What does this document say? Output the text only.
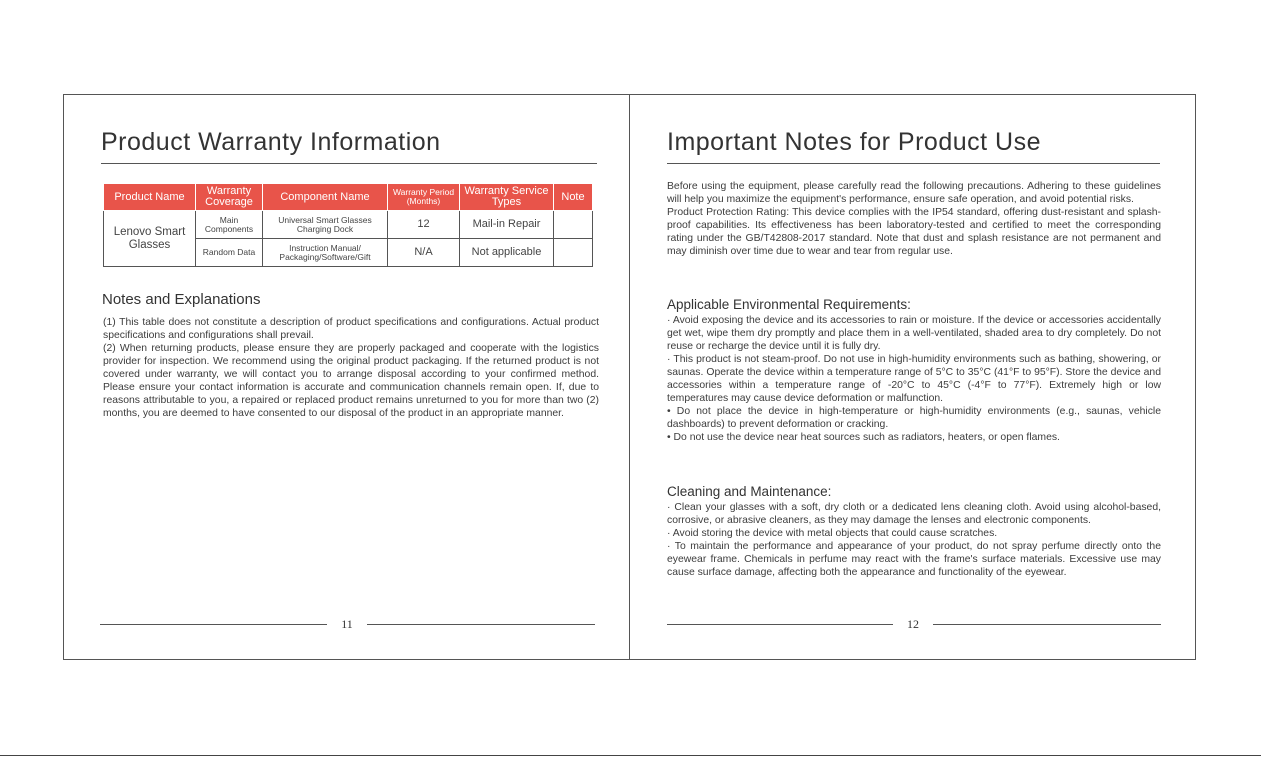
Product Warranty Information
Product Name	Warranty Coverage	Component Name	Warranty Period (Months)	Warranty Service Types	Note
Lenovo Smart Glasses	Main Components	Universal Smart Glasses Charging Dock	12	Mail-in Repair	
	Random Data	Instruction Manual/ Packaging/Software/Gift	N/A	Not applicable	
Notes and Explanations

(1) This table does not constitute a description of product specifications and configurations. Actual product specifications and configurations shall prevail.

(2) When returning products, please ensure they are properly packaged and cooperate with the logistics provider for inspection. We recommend using the original product packaging. If the returned product is not covered under warranty, we will contact you to arrange disposal according to your confirmed method. Please ensure your contact information is accurate and communication channels remain open. If, due to reasons attributable to you, a repaired or replaced product remains unreturned to you for more than two (2) months, you are deemed to have consented to our disposal of the product in an appropriate manner.

11
Important Notes for Product Use

Before using the equipment, please carefully read the following precautions. Adhering to these guidelines will help you maximize the equipment's performance, ensure safe operation, and avoid potential risks.

Product Protection Rating: This device complies with the IP54 standard, offering dust-resistant and splash-proof capabilities. Its effectiveness has been laboratory-tested and certified to meet the corresponding rating under the GB/T42808-2017 standard. Note that dust and splash resistance are not permanent and may diminish over time due to wear and tear from regular use.

Applicable Environmental Requirements:

· Avoid exposing the device and its accessories to rain or moisture. If the device or accessories accidentally get wet, wipe them dry promptly and place them in a well-ventilated, shaded area to dry completely. Do not reuse or recharge the device until it is fully dry.

· This product is not steam-proof. Do not use in high-humidity environments such as bathing, showering, or saunas. Operate the device within a temperature range of 5°C to 35°C (41°F to 95°F). Store the device and accessories within a temperature range of -20°C to 45°C (-4°F to 77°F). Extremely high or low temperatures may cause device deformation or malfunction.

• Do not place the device in high-temperature or high-humidity environments (e.g., saunas, vehicle dashboards) to prevent deformation or cracking.

• Do not use the device near heat sources such as radiators, heaters, or open flames.

Cleaning and Maintenance:

· Clean your glasses with a soft, dry cloth or a dedicated lens cleaning cloth. Avoid using alcohol-based, corrosive, or abrasive cleaners, as they may damage the lenses and electronic components.

· Avoid storing the device with metal objects that could cause scratches.

· To maintain the performance and appearance of your product, do not spray perfume directly onto the eyewear frame. Chemicals in perfume may react with the frame's surface materials. Excessive use may cause surface damage, affecting both the appearance and functionality of the eyewear.

12
